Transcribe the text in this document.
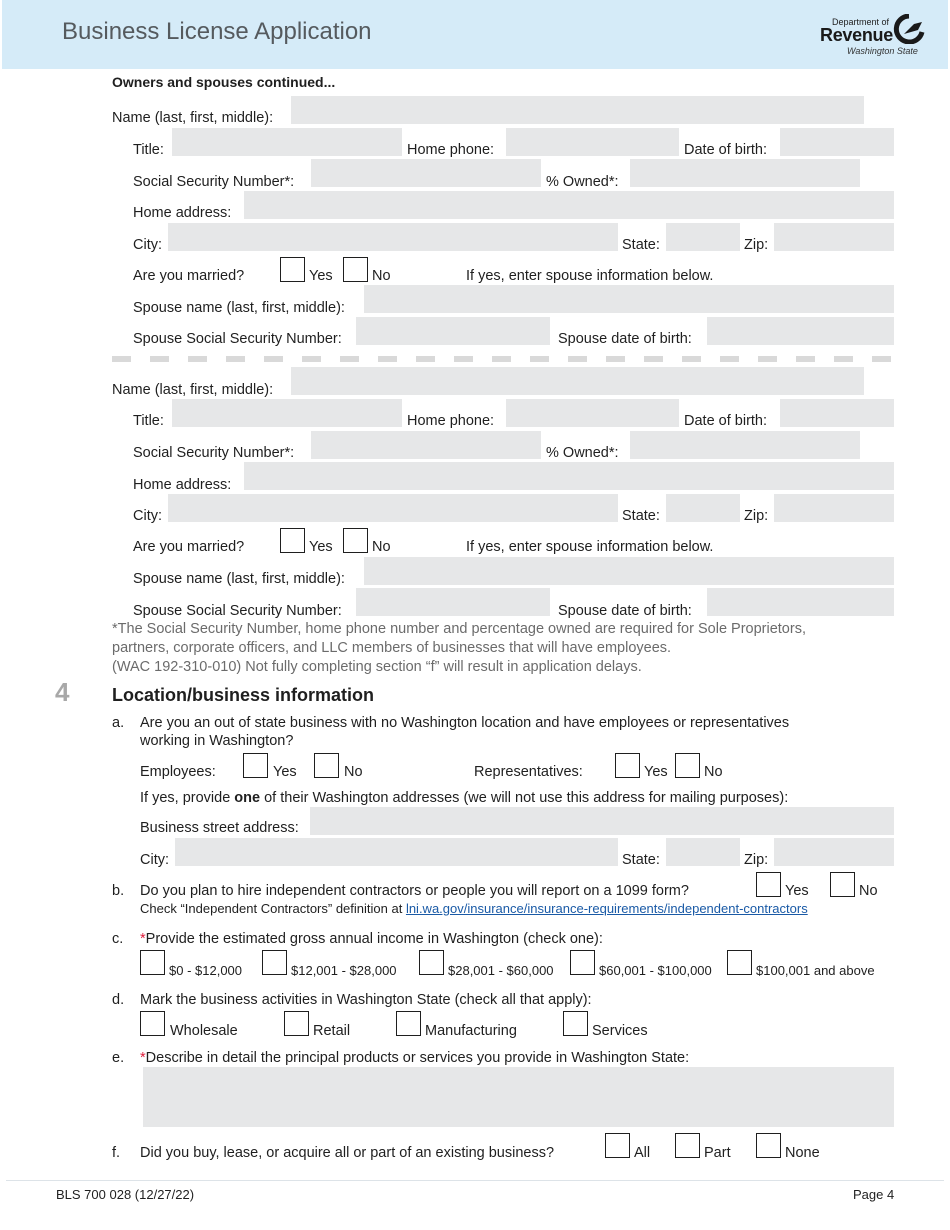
Business License Application	Department of
Revenue
Washington State
Owners and spouses continued...
Name (last, first, middle):
Title:	Home phone:	Date of birth:
Social Security Number*:	% Owned*:
Home address:
City:	State:	Zip:
Are you married?	Yes	No	If yes, enter spouse information below.
Spouse name (last, first, middle):
Spouse Social Security Number:	Spouse date of birth:
Name (last, first, middle):
Title:	Home phone:	Date of birth:
Social Security Number*:	% Owned*:
Home address:
City:	State:	Zip:
Are you married?	Yes	No	If yes, enter spouse information below.
Spouse name (last, first, middle):
Spouse Social Security Number:	Spouse date of birth:
*The Social Security Number, home phone number and percentage owned are required for Sole Proprietors,
partners, corporate officers, and LLC members of businesses that will have employees.
(WAC 192-310-010) Not fully completing section “f” will result in application delays.
4 Location/business information
a. Are you an out of state business with no Washington location and have employees or representatives
working in Washington?
Employees:	Yes	No	Representatives:	Yes	No
If yes, provide one of their Washington addresses (we will not use this address for mailing purposes):
Business street address:
City:	State:	Zip:
b. Do you plan to hire independent contractors or people you will report on a 1099 form?	Yes	No
Check “Independent Contractors” definition at lni.wa.gov/insurance/insurance-requirements/independent-contractors
c. *Provide the estimated gross annual income in Washington (check one):
$0 - $12,000	$12,001 - $28,000	$28,001 - $60,000	$60,001 - $100,000	$100,001 and above
d. Mark the business activities in Washington State (check all that apply):
Wholesale	Retail	Manufacturing	Services
e. *Describe in detail the principal products or services you provide in Washington State:
f. Did you buy, lease, or acquire all or part of an existing business?	All	Part	None
BLS 700 028 (12/27/22)	Page 4
